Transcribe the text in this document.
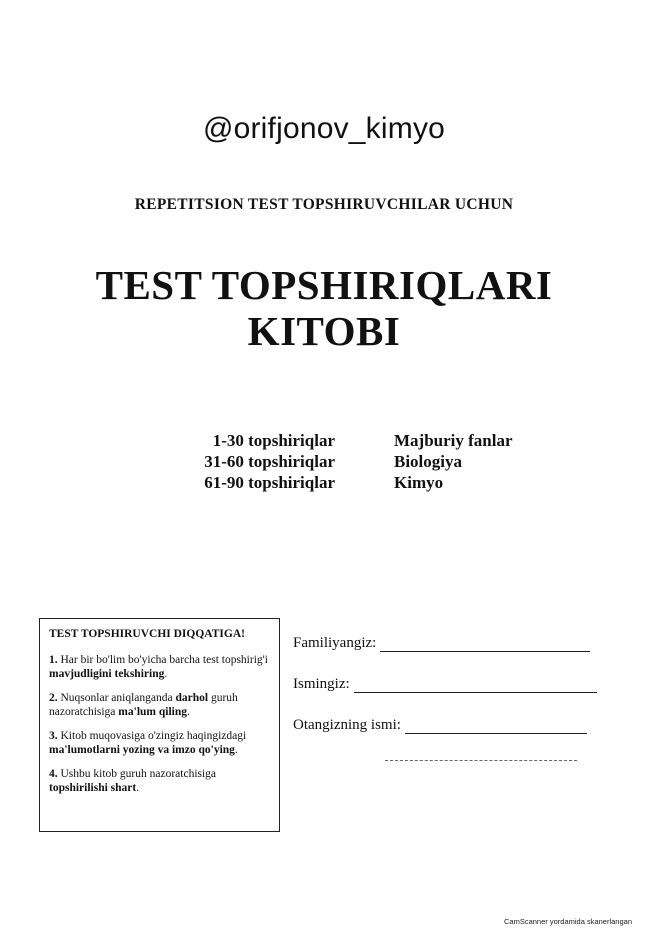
@orifjonov_kimyo
REPETITSION TEST TOPSHIRUVCHILAR UCHUN
TEST TOPSHIRIQLARI
KITOBI
1-30 topshiriqlar	Majburiy fanlar
31-60 topshiriqlar	Biologiya
61-90 topshiriqlar	Kimyo
TEST TOPSHIRUVCHI DIQQATIGA!
1. Har bir bo'lim bo'yicha barcha test topshirig'i mavjudligini tekshiring.
2. Nuqsonlar aniqlanganda darhol guruh nazoratchisiga ma'lum qiling.
3. Kitob muqovasiga o'zingiz haqingizdagi ma'lumotlarni yozing va imzo qo'ying.
4. Ushbu kitob guruh nazoratchisiga topshirilishi shart.
Familiyangiz:
Ismingiz:
Otangizning ismi:
CamScanner yordamida skanerlangan
